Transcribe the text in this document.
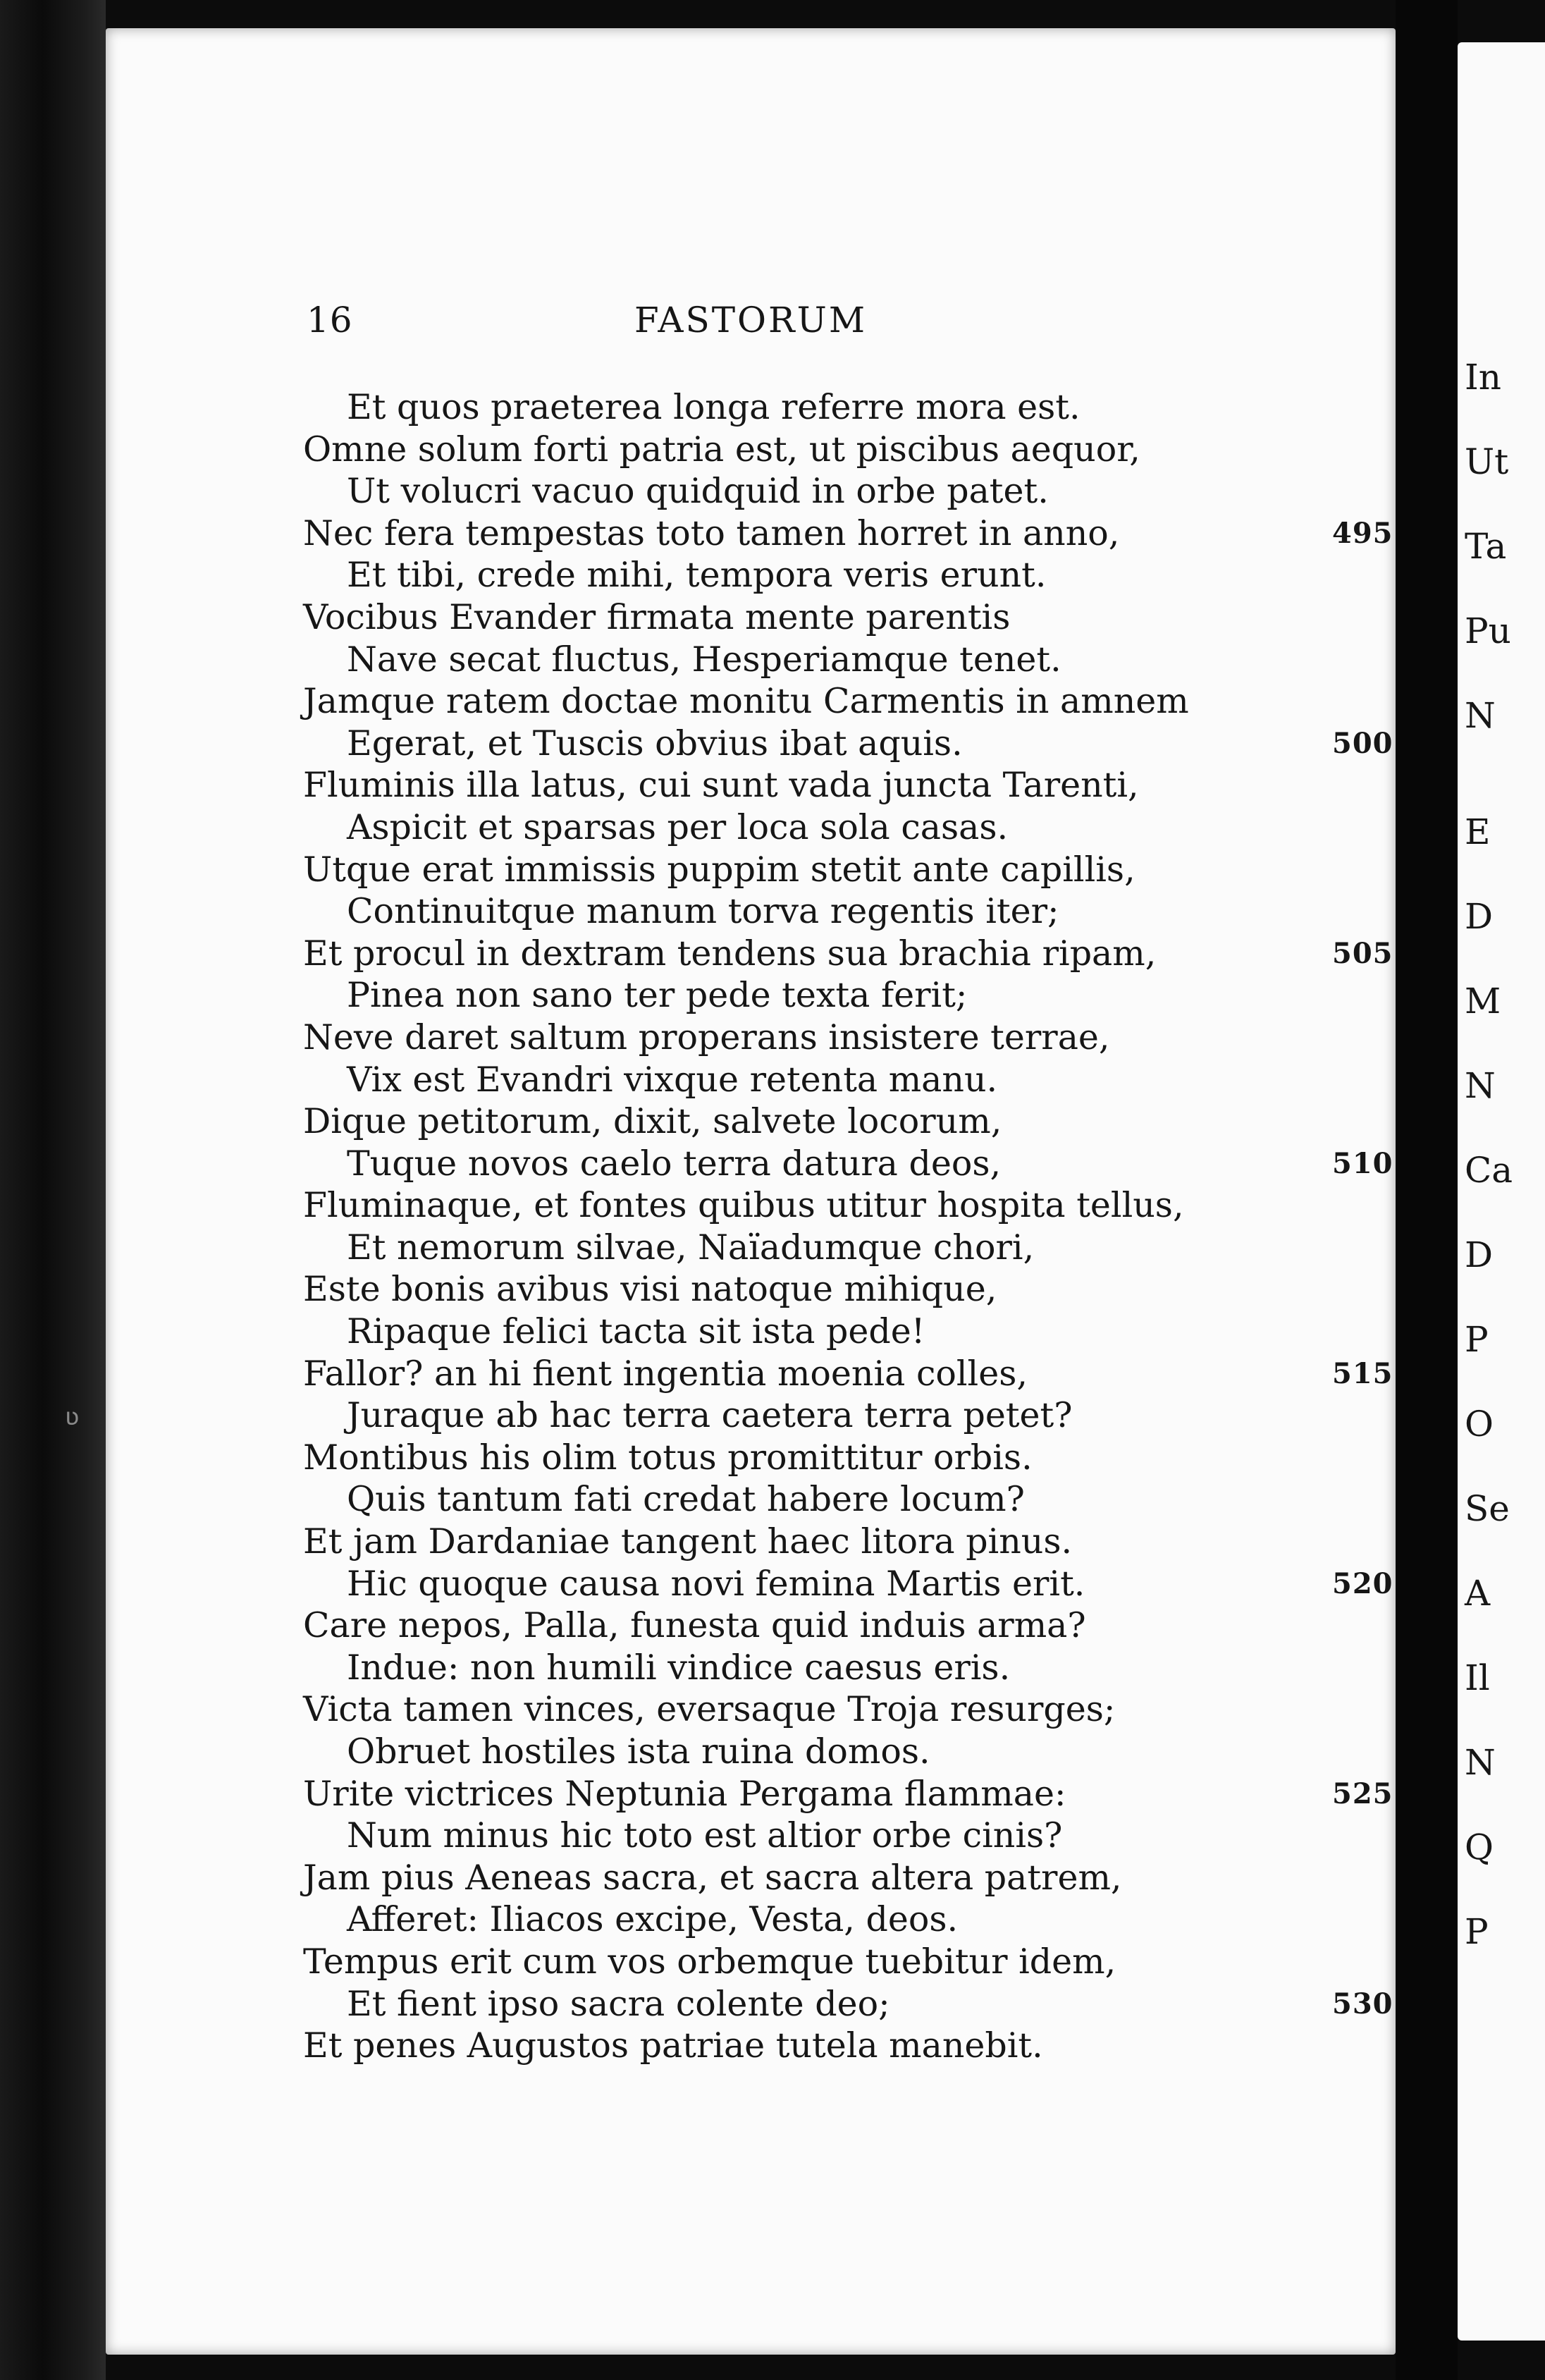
ʋ
16	FASTORUM
Et quos praeterea longa referre mora est.
Omne solum forti patria est, ut piscibus aequor,
Ut volucri vacuo quidquid in orbe patet.
Nec fera tempestas toto tamen horret in anno,	495
Et tibi, crede mihi, tempora veris erunt.
Vocibus Evander firmata mente parentis
Nave secat fluctus, Hesperiamque tenet.
Jamque ratem doctae monitu Carmentis in amnem
Egerat, et Tuscis obvius ibat aquis.	500
Fluminis illa latus, cui sunt vada juncta Tarenti,
Aspicit et sparsas per loca sola casas.
Utque erat immissis puppim stetit ante capillis,
Continuitque manum torva regentis iter;
Et procul in dextram tendens sua brachia ripam,	505
Pinea non sano ter pede texta ferit;
Neve daret saltum properans insistere terrae,
Vix est Evandri vixque retenta manu.
Dique petitorum, dixit, salvete locorum,
Tuque novos caelo terra datura deos,	510
Fluminaque, et fontes quibus utitur hospita tellus,
Et nemorum silvae, Naïadumque chori,
Este bonis avibus visi natoque mihique,
Ripaque felici tacta sit ista pede!
Fallor? an hi fient ingentia moenia colles,	515
Juraque ab hac terra caetera terra petet?
Montibus his olim totus promittitur orbis.
Quis tantum fati credat habere locum?
Et jam Dardaniae tangent haec litora pinus.
Hic quoque causa novi femina Martis erit.	520
Care nepos, Palla, funesta quid induis arma?
Indue: non humili vindice caesus eris.
Victa tamen vinces, eversaque Troja resurges;
Obruet hostiles ista ruina domos.
Urite victrices Neptunia Pergama flammae:	525
Num minus hic toto est altior orbe cinis?
Jam pius Aeneas sacra, et sacra altera patrem,
Afferet: Iliacos excipe, Vesta, deos.
Tempus erit cum vos orbemque tuebitur idem,
Et fient ipso sacra colente deo;	530
Et penes Augustos patriae tutela manebit.
In
Ut
Ta
Pu
N
E
D
M
N
Ca
D
P
O
Se
A
Il
N
Q
P
